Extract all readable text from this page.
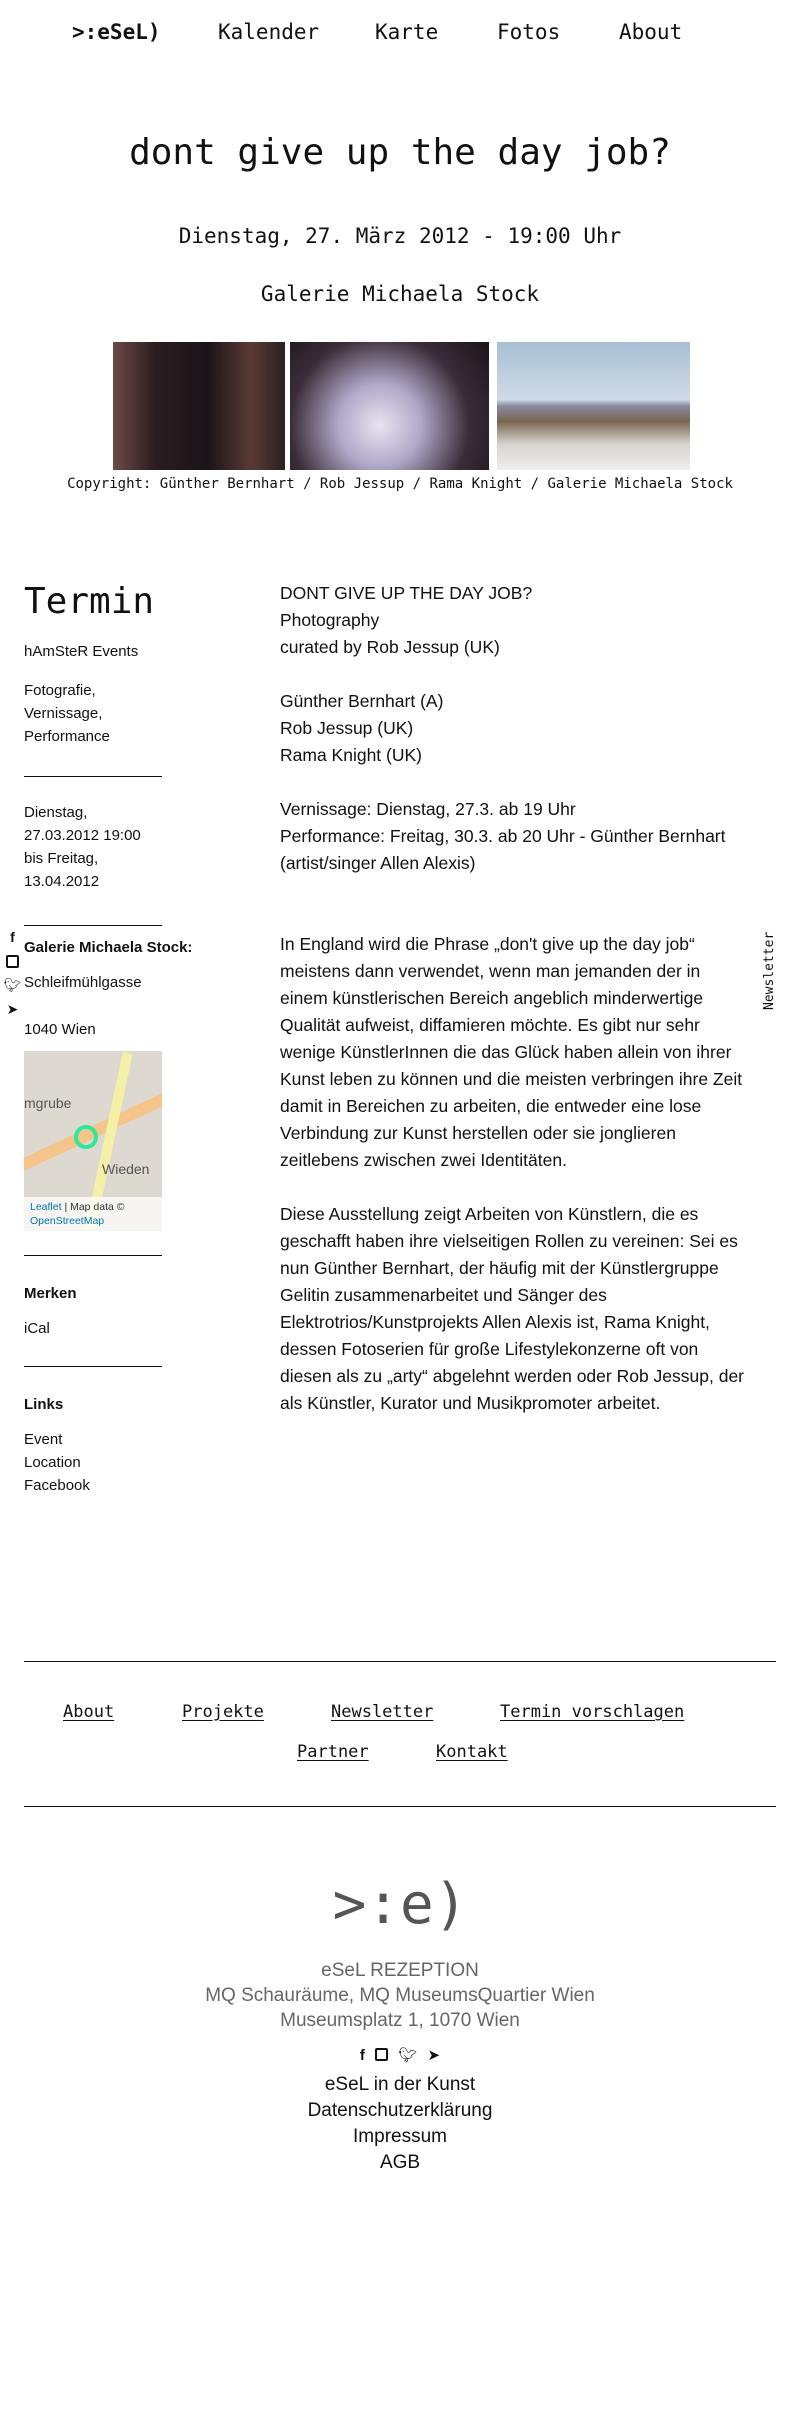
>:eSeL)	Kalender	Karte	Fotos	About
dont give up the day job?
Dienstag, 27. März 2012 - 19:00 Uhr
Galerie Michaela Stock
Copyright: Günther Bernhart / Rob Jessup / Rama Knight / Galerie Michaela Stock
Termin
hAmSteR Events
Fotografie,
Vernissage,
Performance
Dienstag,
27.03.2012 19:00
bis Freitag,
13.04.2012
Galerie Michaela Stock:
Schleifmühlgasse
1040 Wien
mgrube
Wieden
Leaflet | Map data ©
OpenStreetMap
Merken
iCal
Links
Event
Location
Facebook
f
🐦︎
➤

DONT GIVE UP THE DAY JOB?
Photography
curated by Rob Jessup (UK)

Günther Bernhart (A)
Rob Jessup (UK)
Rama Knight (UK)

Vernissage: Dienstag, 27.3. ab 19 Uhr
Performance: Freitag, 30.3. ab 20 Uhr - Günther Bernhart (artist/singer Allen Alexis)

In England wird die Phrase „don't give up the day job“ meistens dann verwendet, wenn man jemanden der in einem künstlerischen Bereich angeblich minderwertige Qualität aufweist, diffamieren möchte. Es gibt nur sehr wenige KünstlerInnen die das Glück haben allein von ihrer Kunst leben zu können und die meisten verbringen ihre Zeit damit in Bereichen zu arbeiten, die entweder eine lose Verbindung zur Kunst herstellen oder sie jonglieren zeitlebens zwischen zwei Identitäten.

Diese Ausstellung zeigt Arbeiten von Künstlern, die es geschafft haben ihre vielseitigen Rollen zu vereinen: Sei es nun Günther Bernhart, der häufig mit der Künstlergruppe Gelitin zusammenarbeitet und Sänger des Elektrotrios/Kunstprojekts Allen Alexis ist, Rama Knight, dessen Fotoserien für große Lifestylekonzerne oft von diesen als zu „arty“ abgelehnt werden oder Rob Jessup, der als Künstler, Kurator und Musikpromoter arbeitet.

Newsletter
About	Projekte	Newsletter	Termin vorschlagen
Partner	Kontakt
>:e)
eSeL REZEPTION
MQ Schauräume, MQ MuseumsQuartier Wien
Museumsplatz 1, 1070 Wien
f 🐦︎ ➤
eSeL in der Kunst
Datenschutzerklärung
Impressum
AGB
